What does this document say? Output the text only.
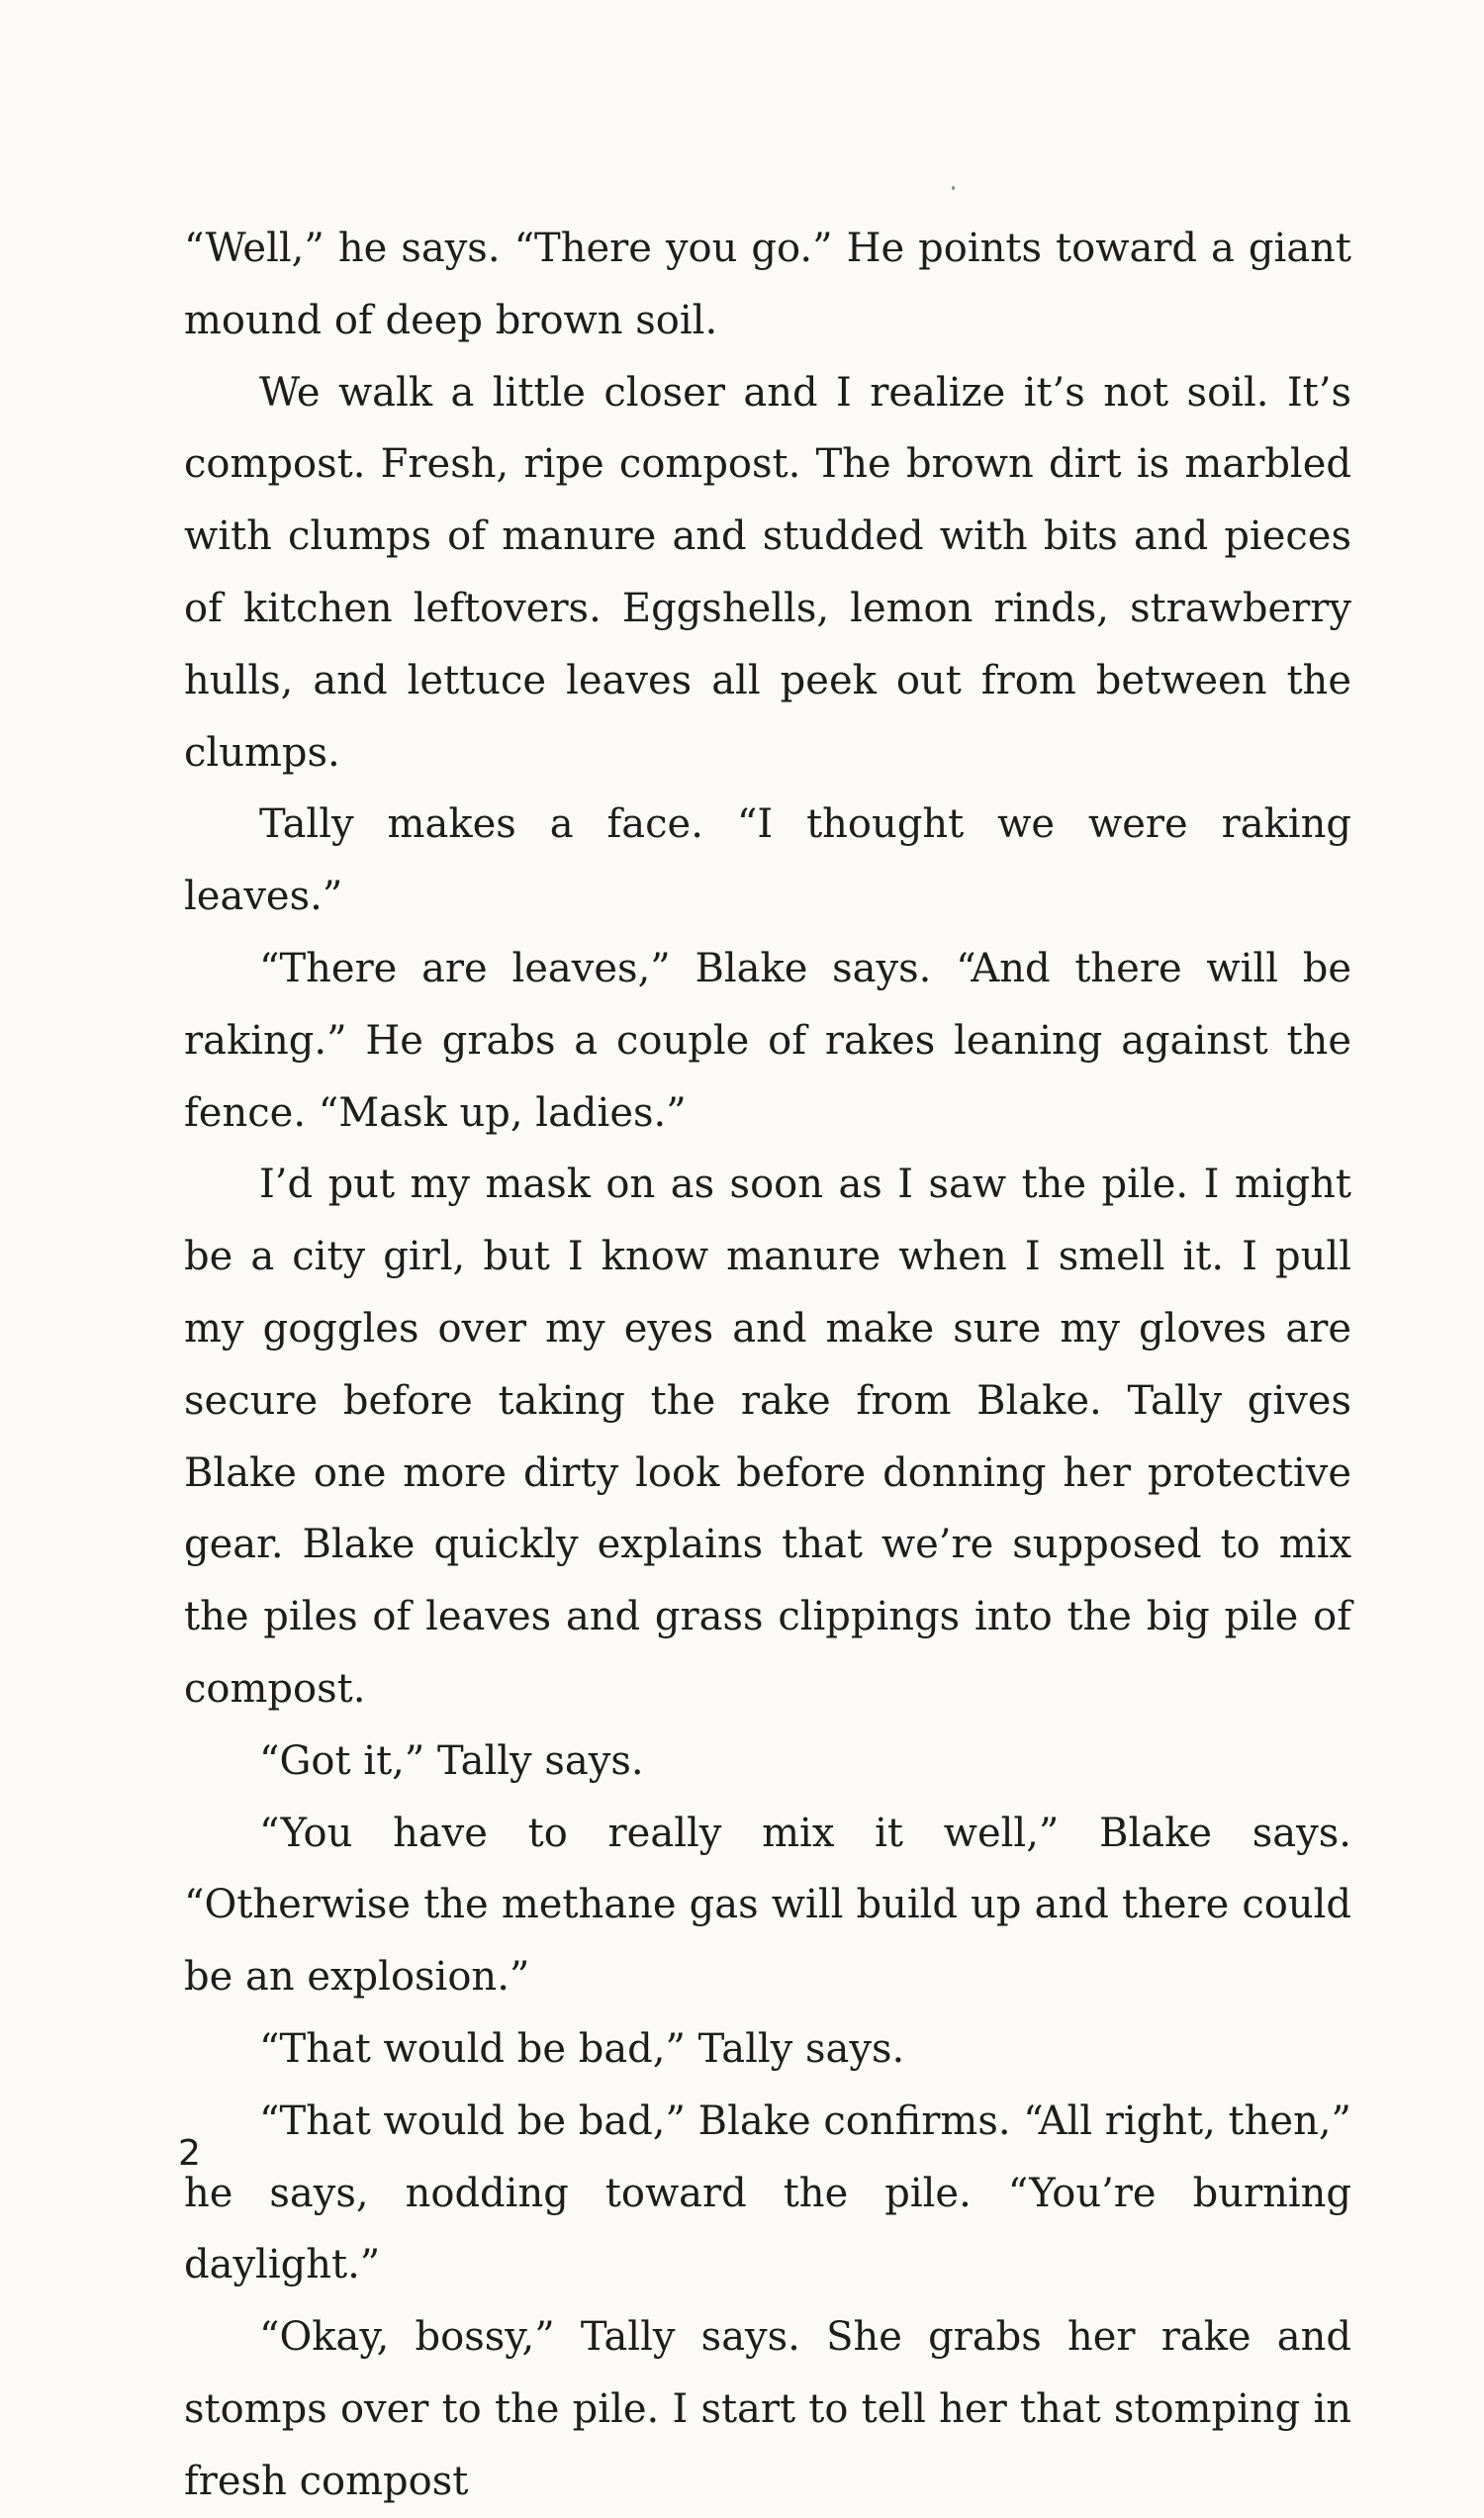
“Well,” he says. “There you go.” He points toward a giant mound of deep brown soil.

We walk a little closer and I realize it’s not soil. It’s compost. Fresh, ripe compost. The brown dirt is marbled with clumps of manure and studded with bits and pieces of kitchen leftovers. Eggshells, lemon rinds, strawberry hulls, and lettuce leaves all peek out from between the clumps.

Tally makes a face. “I thought we were raking leaves.”

“There are leaves,” Blake says. “And there will be raking.” He grabs a couple of rakes leaning against the fence. “Mask up, ladies.”

I’d put my mask on as soon as I saw the pile. I might be a city girl, but I know manure when I smell it. I pull my goggles over my eyes and make sure my gloves are secure before taking the rake from Blake. Tally gives Blake one more dirty look before donning her protective gear. Blake quickly explains that we’re supposed to mix the piles of leaves and grass clippings into the big pile of compost.

“Got it,” Tally says.

“You have to really mix it well,” Blake says. “Otherwise the methane gas will build up and there could be an explosion.”

“That would be bad,” Tally says.

“That would be bad,” Blake confirms. “All right, then,” he says, nodding toward the pile. “You’re burning daylight.”

“Okay, bossy,” Tally says. She grabs her rake and stomps over to the pile. I start to tell her that stomping in fresh compost

2
